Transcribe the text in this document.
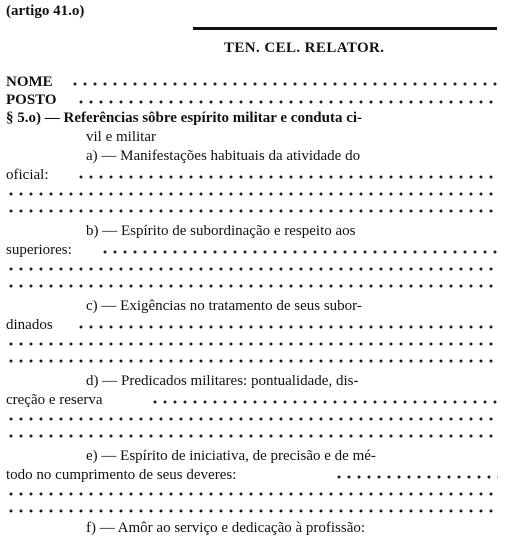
(artigo 41.o)
TEN. CEL. RELATOR.
NOME
POSTO
§ 5.o) — Referências sôbre espírito militar e conduta ci-
vil e militar
a) — Manifestações habituais da atividade do
oficial:
b) — Espírito de subordinação e respeito aos
superiores:
c) — Exigências no tratamento de seus subor-
dinados
d) — Predicados militares: pontualidade, dis-
creção e reserva
e) — Espírito de iniciativa, de precisão e de mé-
todo no cumprimento de seus deveres:
f) — Amôr ao serviço e dedicação à profissão:
